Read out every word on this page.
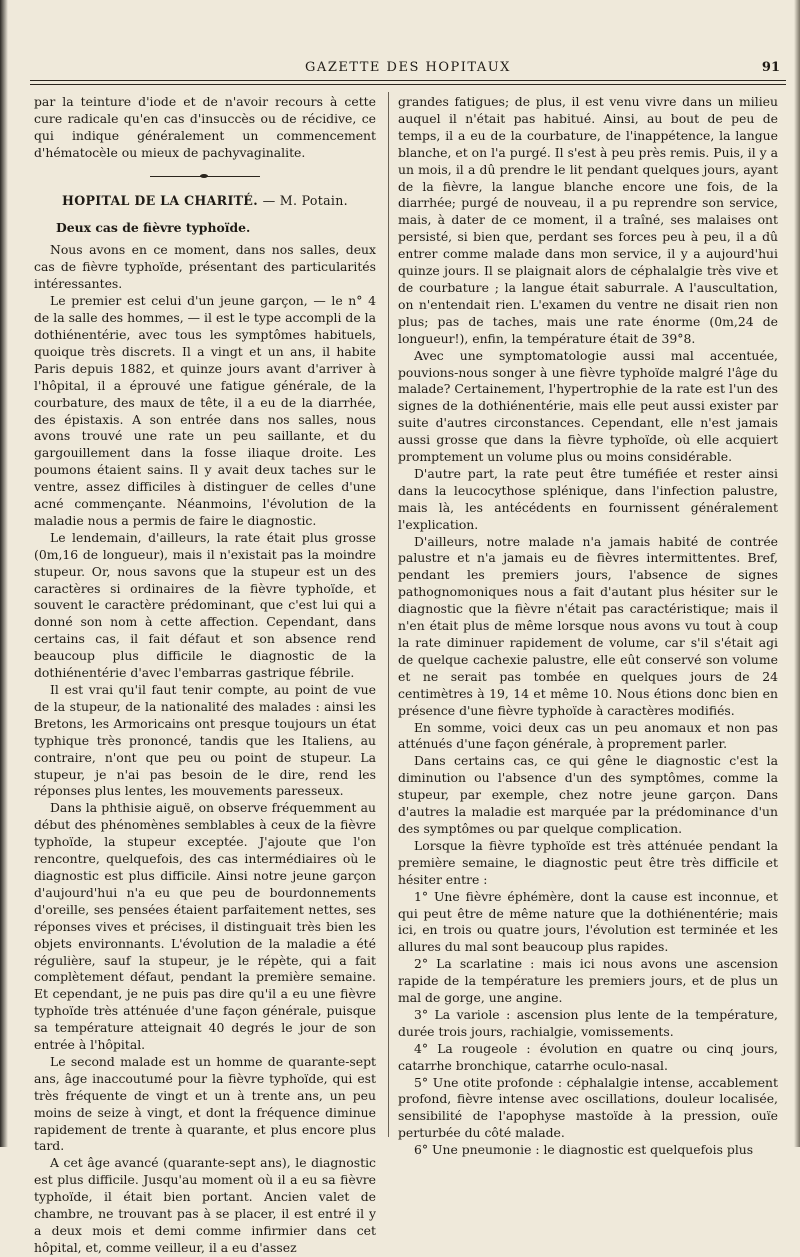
GAZETTE DES HOPITAUX	91

par la teinture d'iode et de n'avoir recours à cette cure radicale qu'en cas d'insuccès ou de récidive, ce qui indique généralement un commencement d'hématocèle ou mieux de pachyvaginalite.

HOPITAL DE LA CHARITÉ. — M. Potain.
Deux cas de fièvre typhoïde.

Nous avons en ce moment, dans nos salles, deux cas de fièvre typhoïde, présentant des particularités intéressantes.

Le premier est celui d'un jeune garçon, — le n° 4 de la salle des hommes, — il est le type accompli de la dothiénentérie, avec tous les symptômes habituels, quoique très discrets. Il a vingt et un ans, il habite Paris depuis 1882, et quinze jours avant d'arriver à l'hôpital, il a éprouvé une fatigue générale, de la courbature, des maux de tête, il a eu de la diarrhée, des épistaxis. A son entrée dans nos salles, nous avons trouvé une rate un peu saillante, et du gargouillement dans la fosse iliaque droite. Les poumons étaient sains. Il y avait deux taches sur le ventre, assez difficiles à distinguer de celles d'une acné commençante. Néanmoins, l'évolution de la maladie nous a permis de faire le diagnostic.

Le lendemain, d'ailleurs, la rate était plus grosse (0m,16 de longueur), mais il n'existait pas la moindre stupeur. Or, nous savons que la stupeur est un des caractères si ordinaires de la fièvre typhoïde, et souvent le caractère prédominant, que c'est lui qui a donné son nom à cette affection. Cependant, dans certains cas, il fait défaut et son absence rend beaucoup plus difficile le diagnostic de la dothiénentérie d'avec l'embarras gastrique fébrile.

Il est vrai qu'il faut tenir compte, au point de vue de la stupeur, de la nationalité des malades : ainsi les Bretons, les Armoricains ont presque toujours un état typhique très prononcé, tandis que les Italiens, au contraire, n'ont que peu ou point de stupeur. La stupeur, je n'ai pas besoin de le dire, rend les réponses plus lentes, les mouvements paresseux.

Dans la phthisie aiguë, on observe fréquemment au début des phénomènes semblables à ceux de la fièvre typhoïde, la stupeur exceptée. J'ajoute que l'on rencontre, quelquefois, des cas intermédiaires où le diagnostic est plus difficile. Ainsi notre jeune garçon d'aujourd'hui n'a eu que peu de bourdonnements d'oreille, ses pensées étaient parfaitement nettes, ses réponses vives et précises, il distinguait très bien les objets environnants. L'évolution de la maladie a été régulière, sauf la stupeur, je le répète, qui a fait complètement défaut, pendant la première semaine. Et cependant, je ne puis pas dire qu'il a eu une fièvre typhoïde très atténuée d'une façon générale, puisque sa température atteignait 40 degrés le jour de son entrée à l'hôpital.

Le second malade est un homme de quarante-sept ans, âge inaccoutumé pour la fièvre typhoïde, qui est très fréquente de vingt et un à trente ans, un peu moins de seize à vingt, et dont la fréquence diminue rapidement de trente à quarante, et plus encore plus tard.

A cet âge avancé (quarante-sept ans), le diagnostic est plus difficile. Jusqu'au moment où il a eu sa fièvre typhoïde, il était bien portant. Ancien valet de chambre, ne trouvant pas à se placer, il est entré il y a deux mois et demi comme infirmier dans cet hôpital, et, comme veilleur, il a eu d'assez

grandes fatigues; de plus, il est venu vivre dans un milieu auquel il n'était pas habitué. Ainsi, au bout de peu de temps, il a eu de la courbature, de l'inappétence, la langue blanche, et on l'a purgé. Il s'est à peu près remis. Puis, il y a un mois, il a dû prendre le lit pendant quelques jours, ayant de la fièvre, la langue blanche encore une fois, de la diarrhée; purgé de nouveau, il a pu reprendre son service, mais, à dater de ce moment, il a traîné, ses malaises ont persisté, si bien que, perdant ses forces peu à peu, il a dû entrer comme malade dans mon service, il y a aujourd'hui quinze jours. Il se plaignait alors de céphalalgie très vive et de courbature ; la langue était saburrale. A l'auscultation, on n'entendait rien. L'examen du ventre ne disait rien non plus; pas de taches, mais une rate énorme (0m,24 de longueur!), enfin, la température était de 39°8.

Avec une symptomatologie aussi mal accentuée, pouvions-nous songer à une fièvre typhoïde malgré l'âge du malade? Certainement, l'hypertrophie de la rate est l'un des signes de la dothiénentérie, mais elle peut aussi exister par suite d'autres circonstances. Cependant, elle n'est jamais aussi grosse que dans la fièvre typhoïde, où elle acquiert promptement un volume plus ou moins considérable.

D'autre part, la rate peut être tuméfiée et rester ainsi dans la leucocythose splénique, dans l'infection palustre, mais là, les antécédents en fournissent généralement l'explication.

D'ailleurs, notre malade n'a jamais habité de contrée palustre et n'a jamais eu de fièvres intermittentes. Bref, pendant les premiers jours, l'absence de signes pathognomoniques nous a fait d'autant plus hésiter sur le diagnostic que la fièvre n'était pas caractéristique; mais il n'en était plus de même lorsque nous avons vu tout à coup la rate diminuer rapidement de volume, car s'il s'était agi de quelque cachexie palustre, elle eût conservé son volume et ne serait pas tombée en quelques jours de 24 centimètres à 19, 14 et même 10. Nous étions donc bien en présence d'une fièvre typhoïde à caractères modifiés.

En somme, voici deux cas un peu anomaux et non pas atténués d'une façon générale, à proprement parler.

Dans certains cas, ce qui gêne le diagnostic c'est la diminution ou l'absence d'un des symptômes, comme la stupeur, par exemple, chez notre jeune garçon. Dans d'autres la maladie est marquée par la prédominance d'un des symptômes ou par quelque complication.

Lorsque la fièvre typhoïde est très atténuée pendant la première semaine, le diagnostic peut être très difficile et hésiter entre :

1° Une fièvre éphémère, dont la cause est inconnue, et qui peut être de même nature que la dothiénentérie; mais ici, en trois ou quatre jours, l'évolution est terminée et les allures du mal sont beaucoup plus rapides.

2° La scarlatine : mais ici nous avons une ascension rapide de la température les premiers jours, et de plus un mal de gorge, une angine.

3° La variole : ascension plus lente de la température, durée trois jours, rachialgie, vomissements.

4° La rougeole : évolution en quatre ou cinq jours, catarrhe bronchique, catarrhe oculo-nasal.

5° Une otite profonde : céphalalgie intense, accablement profond, fièvre intense avec oscillations, douleur localisée, sensibilité de l'apophyse mastoïde à la pression, ouïe perturbée du côté malade.

6° Une pneumonie : le diagnostic est quelquefois plus
